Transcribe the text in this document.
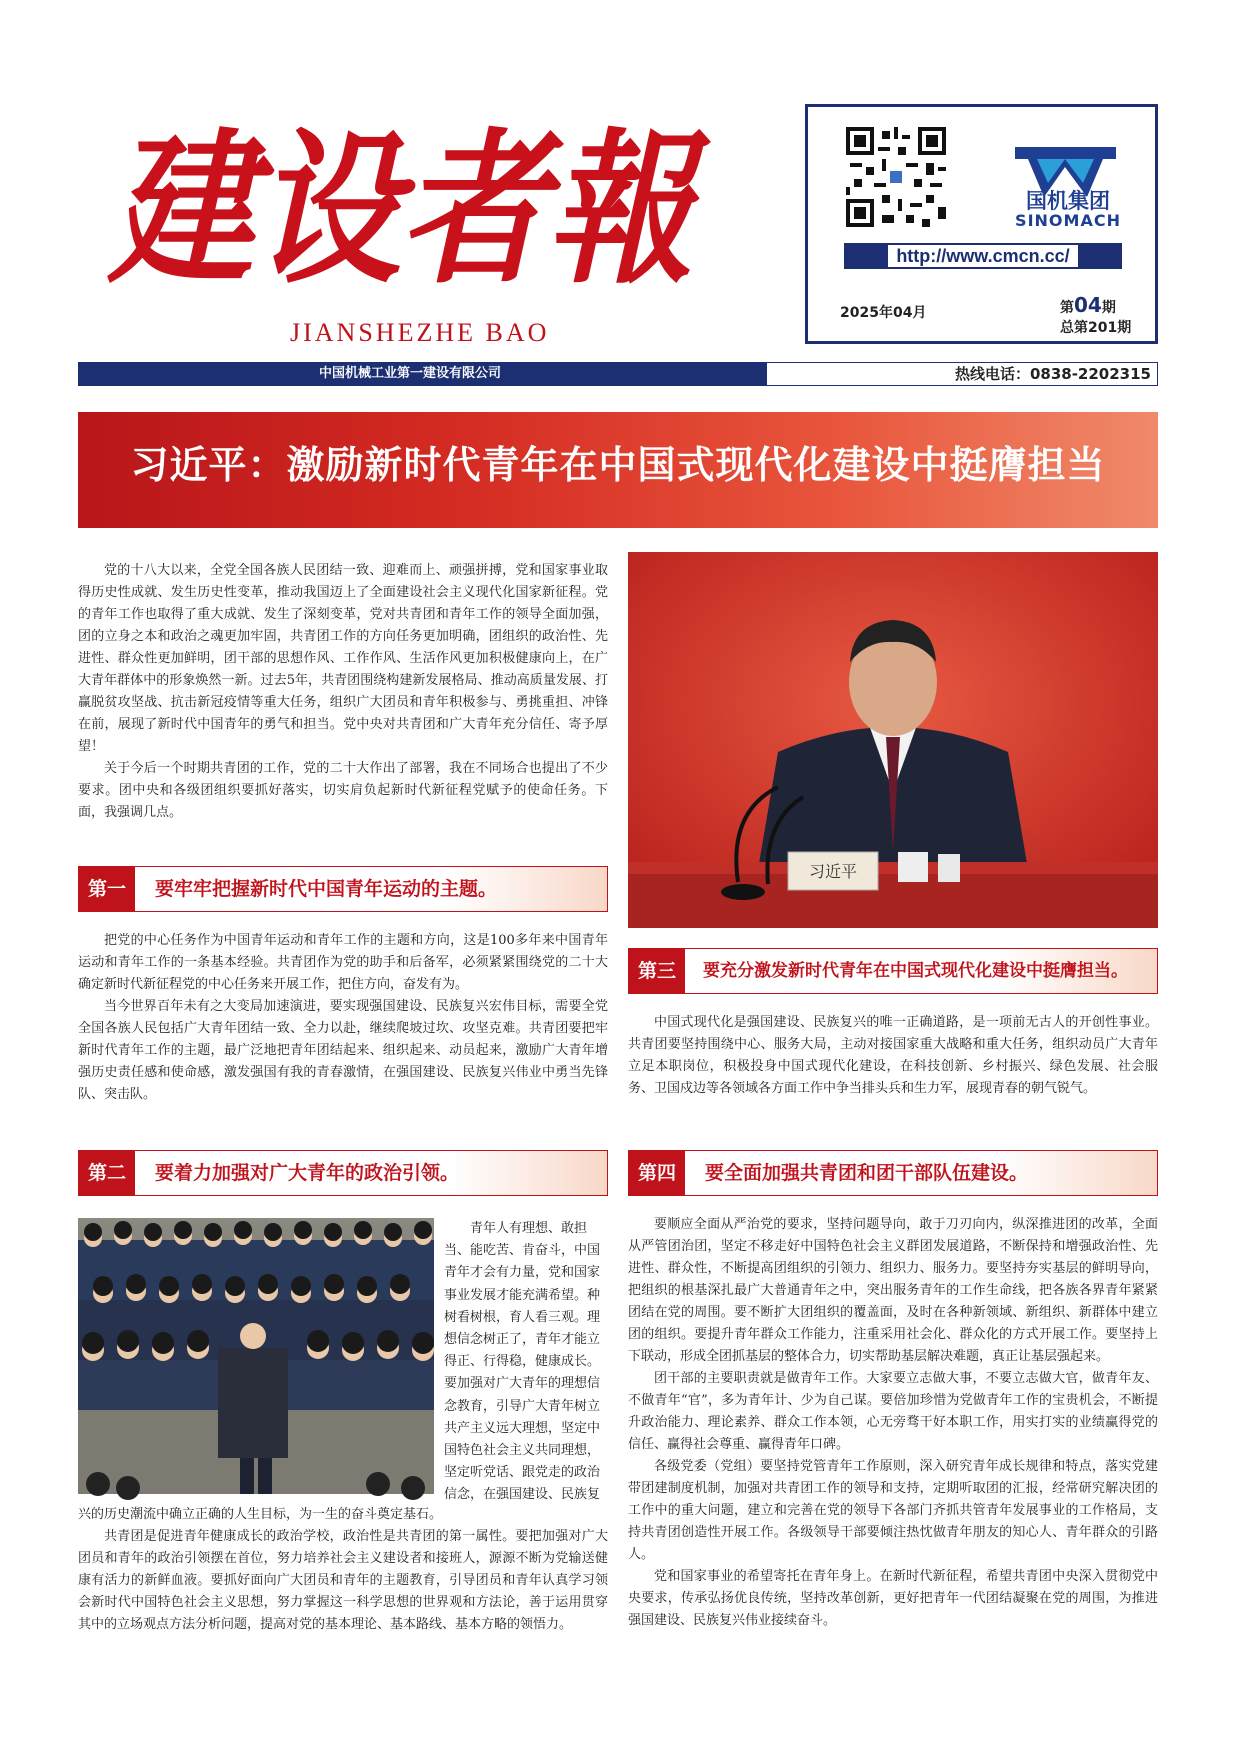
建设者報
JIANSHEZHE BAO
国机集团
SINOMACH
http://www.cmcn.cc/
2025年04月	第04期
总第201期
中国机械工业第一建设有限公司	热线电话：0838-2202315
习近平：激励新时代青年在中国式现代化建设中挺膺担当

党的十八大以来，全党全国各族人民团结一致、迎难而上、顽强拼搏，党和国家事业取得历史性成就、发生历史性变革，推动我国迈上了全面建设社会主义现代化国家新征程。党的青年工作也取得了重大成就、发生了深刻变革，党对共青团和青年工作的领导全面加强，团的立身之本和政治之魂更加牢固，共青团工作的方向任务更加明确，团组织的政治性、先进性、群众性更加鲜明，团干部的思想作风、工作作风、生活作风更加积极健康向上，在广大青年群体中的形象焕然一新。过去5年，共青团围绕构建新发展格局、推动高质量发展、打赢脱贫攻坚战、抗击新冠疫情等重大任务，组织广大团员和青年积极参与、勇挑重担、冲锋在前，展现了新时代中国青年的勇气和担当。党中央对共青团和广大青年充分信任、寄予厚望！

关于今后一个时期共青团的工作，党的二十大作出了部署，我在不同场合也提出了不少要求。团中央和各级团组织要抓好落实，切实肩负起新时代新征程党赋予的使命任务。下面，我强调几点。

第一	要牢牢把握新时代中国青年运动的主题。

把党的中心任务作为中国青年运动和青年工作的主题和方向，这是100多年来中国青年运动和青年工作的一条基本经验。共青团作为党的助手和后备军，必须紧紧围绕党的二十大确定新时代新征程党的中心任务来开展工作，把住方向，奋发有为。

当今世界百年未有之大变局加速演进，要实现强国建设、民族复兴宏伟目标，需要全党全国各族人民包括广大青年团结一致、全力以赴，继续爬坡过坎、攻坚克难。共青团要把牢新时代青年工作的主题，最广泛地把青年团结起来、组织起来、动员起来，激励广大青年增强历史责任感和使命感，激发强国有我的青春激情，在强国建设、民族复兴伟业中勇当先锋队、突击队。

第二	要着力加强对广大青年的政治引领。
青年人有理想、敢担
当、能吃苦、肯奋斗，中国
青年才会有力量，党和国家
事业发展才能充满希望。种
树看树根，育人看三观。理
想信念树正了，青年才能立
得正、行得稳，健康成长。
要加强对广大青年的理想信
念教育，引导广大青年树立
共产主义远大理想，坚定中
国特色社会主义共同理想，
坚定听党话、跟党走的政治
信念，在强国建设、民族复
兴的历史潮流中确立正确的人生目标，为一生的奋斗奠定基石。

共青团是促进青年健康成长的政治学校，政治性是共青团的第一属性。要把加强对广大团员和青年的政治引领摆在首位，努力培养社会主义建设者和接班人，源源不断为党输送健康有活力的新鲜血液。要抓好面向广大团员和青年的主题教育，引导团员和青年认真学习领会新时代中国特色社会主义思想，努力掌握这一科学思想的世界观和方法论，善于运用贯穿其中的立场观点方法分析问题，提高对党的基本理论、基本路线、基本方略的领悟力。

习近平
第三	要充分激发新时代青年在中国式现代化建设中挺膺担当。

中国式现代化是强国建设、民族复兴的唯一正确道路，是一项前无古人的开创性事业。共青团要坚持围绕中心、服务大局，主动对接国家重大战略和重大任务，组织动员广大青年立足本职岗位，积极投身中国式现代化建设，在科技创新、乡村振兴、绿色发展、社会服务、卫国戍边等各领域各方面工作中争当排头兵和生力军，展现青春的朝气锐气。

第四	要全面加强共青团和团干部队伍建设。

要顺应全面从严治党的要求，坚持问题导向，敢于刀刃向内，纵深推进团的改革，全面从严管团治团，坚定不移走好中国特色社会主义群团发展道路，不断保持和增强政治性、先进性、群众性，不断提高团组织的引领力、组织力、服务力。要坚持夯实基层的鲜明导向，把组织的根基深扎最广大普通青年之中，突出服务青年的工作生命线，把各族各界青年紧紧团结在党的周围。要不断扩大团组织的覆盖面，及时在各种新领域、新组织、新群体中建立团的组织。要提升青年群众工作能力，注重采用社会化、群众化的方式开展工作。要坚持上下联动，形成全团抓基层的整体合力，切实帮助基层解决难题，真正让基层强起来。

团干部的主要职责就是做青年工作。大家要立志做大事，不要立志做大官，做青年友、不做青年“官”，多为青年计、少为自己谋。要倍加珍惜为党做青年工作的宝贵机会，不断提升政治能力、理论素养、群众工作本领，心无旁骛干好本职工作，用实打实的业绩赢得党的信任、赢得社会尊重、赢得青年口碑。

各级党委（党组）要坚持党管青年工作原则，深入研究青年成长规律和特点，落实党建带团建制度机制，加强对共青团工作的领导和支持，定期听取团的汇报，经常研究解决团的工作中的重大问题，建立和完善在党的领导下各部门齐抓共管青年发展事业的工作格局，支持共青团创造性开展工作。各级领导干部要倾注热忱做青年朋友的知心人、青年群众的引路人。

党和国家事业的希望寄托在青年身上。在新时代新征程，希望共青团中央深入贯彻党中央要求，传承弘扬优良传统，坚持改革创新，更好把青年一代团结凝聚在党的周围，为推进强国建设、民族复兴伟业接续奋斗。
